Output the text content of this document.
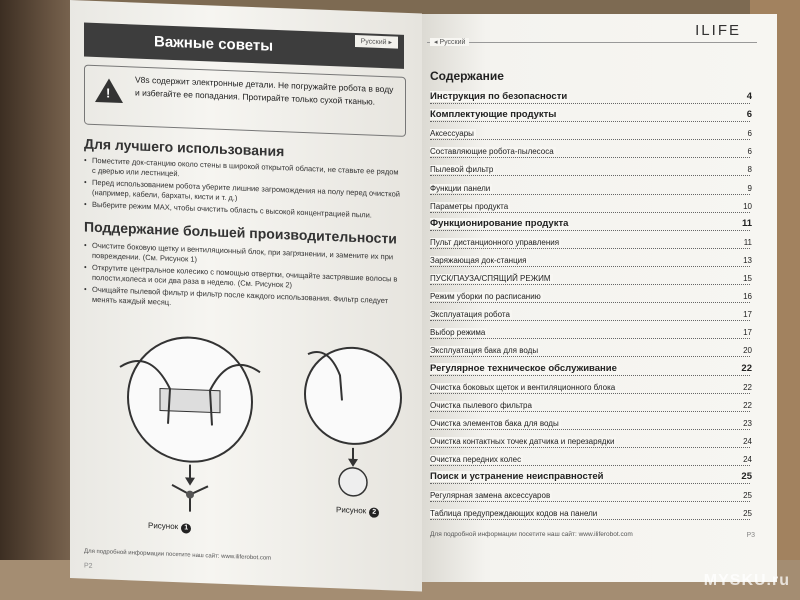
Важные советы	Русский ▸
!	V8s содержит электронные детали. Не погружайте робота в воду и избегайте ее попадания. Протирайте только сухой тканью.
Для лучшего использования
• Поместите док-станцию около стены в широкой открытой области, не ставьте ее рядом с дверью или лестницей.
• Перед использованием робота уберите лишние загромождения на полу перед очисткой (например, кабели, бархаты, кисти и т. д.)
• Выберите режим MAX, чтобы очистить область с высокой концентрацией пыли.
Поддержание большей производительности
• Очистите боковую щетку и вентиляционный блок, при загрязнении, и замените их при повреждении. (См. Рисунок 1)
• Открутите центральное колесико с помощью отвертки, очищайте застрявшие волосы в полости,колеса и оси два раза в неделю. (См. Рисунок 2)
• Очищайте пылевой фильтр и фильтр после каждого использования. Фильтр следует менять каждый месяц.
Рисунок 1
Рисунок 2
Для подробной информации посетите наш сайт: www.iliferobot.com
P2
ILIFE
◂ Русский
Содержание
Инструкция по безопасности	4
Комплектующие продукты	6
Аксессуары	6
Составляющие робота-пылесоса	6
Пылевой фильтр	8
Функции панели	9
Параметры продукта	10
Функционирование продукта	11
Пульт дистанционного управления	11
Заряжающая док-станция	13
ПУСК/ПАУЗА/СПЯЩИЙ РЕЖИМ	15
Режим уборки по расписанию	16
Эксплуатация робота	17
Выбор режима	17
Эксплуатация бака для воды	20
Регулярное техническое обслуживание	22
Очистка боковых щеток и вентиляционного блока	22
Очистка пылевого фильтра	22
Очистка элементов бака для воды	23
Очистка контактных точек датчика и перезарядки	24
Очистка передних колес	24
Поиск и устранение неисправностей	25
Регулярная замена аксессуаров	25
Таблица предупреждающих кодов на панели	25
Для подробной информации посетите наш сайт: www.iliferobot.com	P3
MYSKU.ru
